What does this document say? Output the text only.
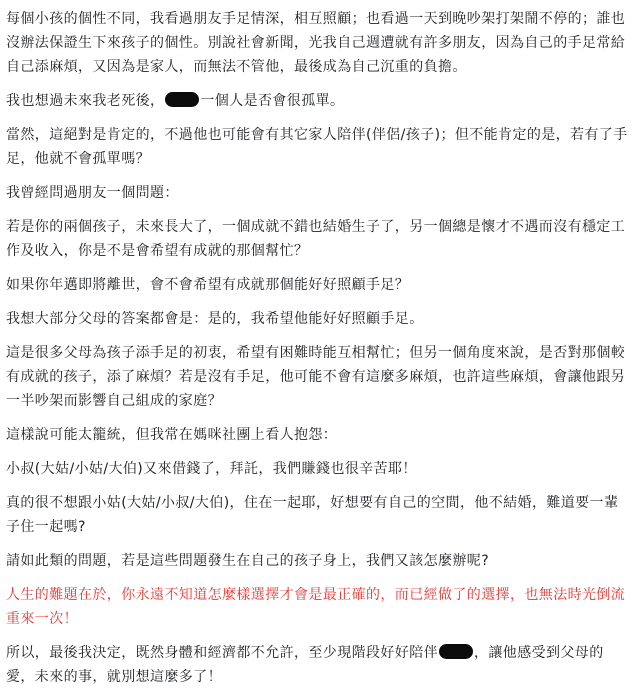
每個小孩的個性不同，我看過朋友手足情深，相互照顧；也看過一天到晚吵架打架鬧不停的；誰也沒辦法保證生下來孩子的個性。別說社會新聞，光我自己週遭就有許多朋友，因為自己的手足常給自己添麻煩，又因為是家人，而無法不管他，最後成為自己沉重的負擔。

我也想過未來我老死後，	一個人是否會很孤單。

當然，這絕對是肯定的，不過他也可能會有其它家人陪伴(伴侶/孩子)；但不能肯定的是，若有了手足，他就不會孤單嗎？

我曾經問過朋友一個問題：

若是你的兩個孩子，未來長大了，一個成就不錯也結婚生子了，另一個總是懷才不遇而沒有穩定工作及收入，你是不是會希望有成就的那個幫忙？

如果你年邁即將離世，會不會希望有成就那個能好好照顧手足？

我想大部分父母的答案都會是：是的，我希望他能好好照顧手足。

這是很多父母為孩子添手足的初衷，希望有困難時能互相幫忙；但另一個角度來說，是否對那個較有成就的孩子，添了麻煩？若是沒有手足，他可能不會有這麼多麻煩，也許這些麻煩，會讓他跟另一半吵架而影響自己組成的家庭？

這樣說可能太籠統，但我常在媽咪社團上看人抱怨：

小叔(大姑/小姑/大伯)又來借錢了，拜託，我們賺錢也很辛苦耶！

真的很不想跟小姑(大姑/小叔/大伯)，住在一起耶，好想要有自己的空間，他不結婚，難道要一輩子住一起嗎?

請如此類的問題，若是這些問題發生在自己的孩子身上，我們又該怎麼辦呢?

人生的難題在於，你永遠不知道怎麼樣選擇才會是最正確的，而已經做了的選擇，也無法時光倒流重來一次！

所以，最後我決定，既然身體和經濟都不允許，至少現階段好好陪伴	，讓他感受到父母的愛，未來的事，就別想這麼多了！
